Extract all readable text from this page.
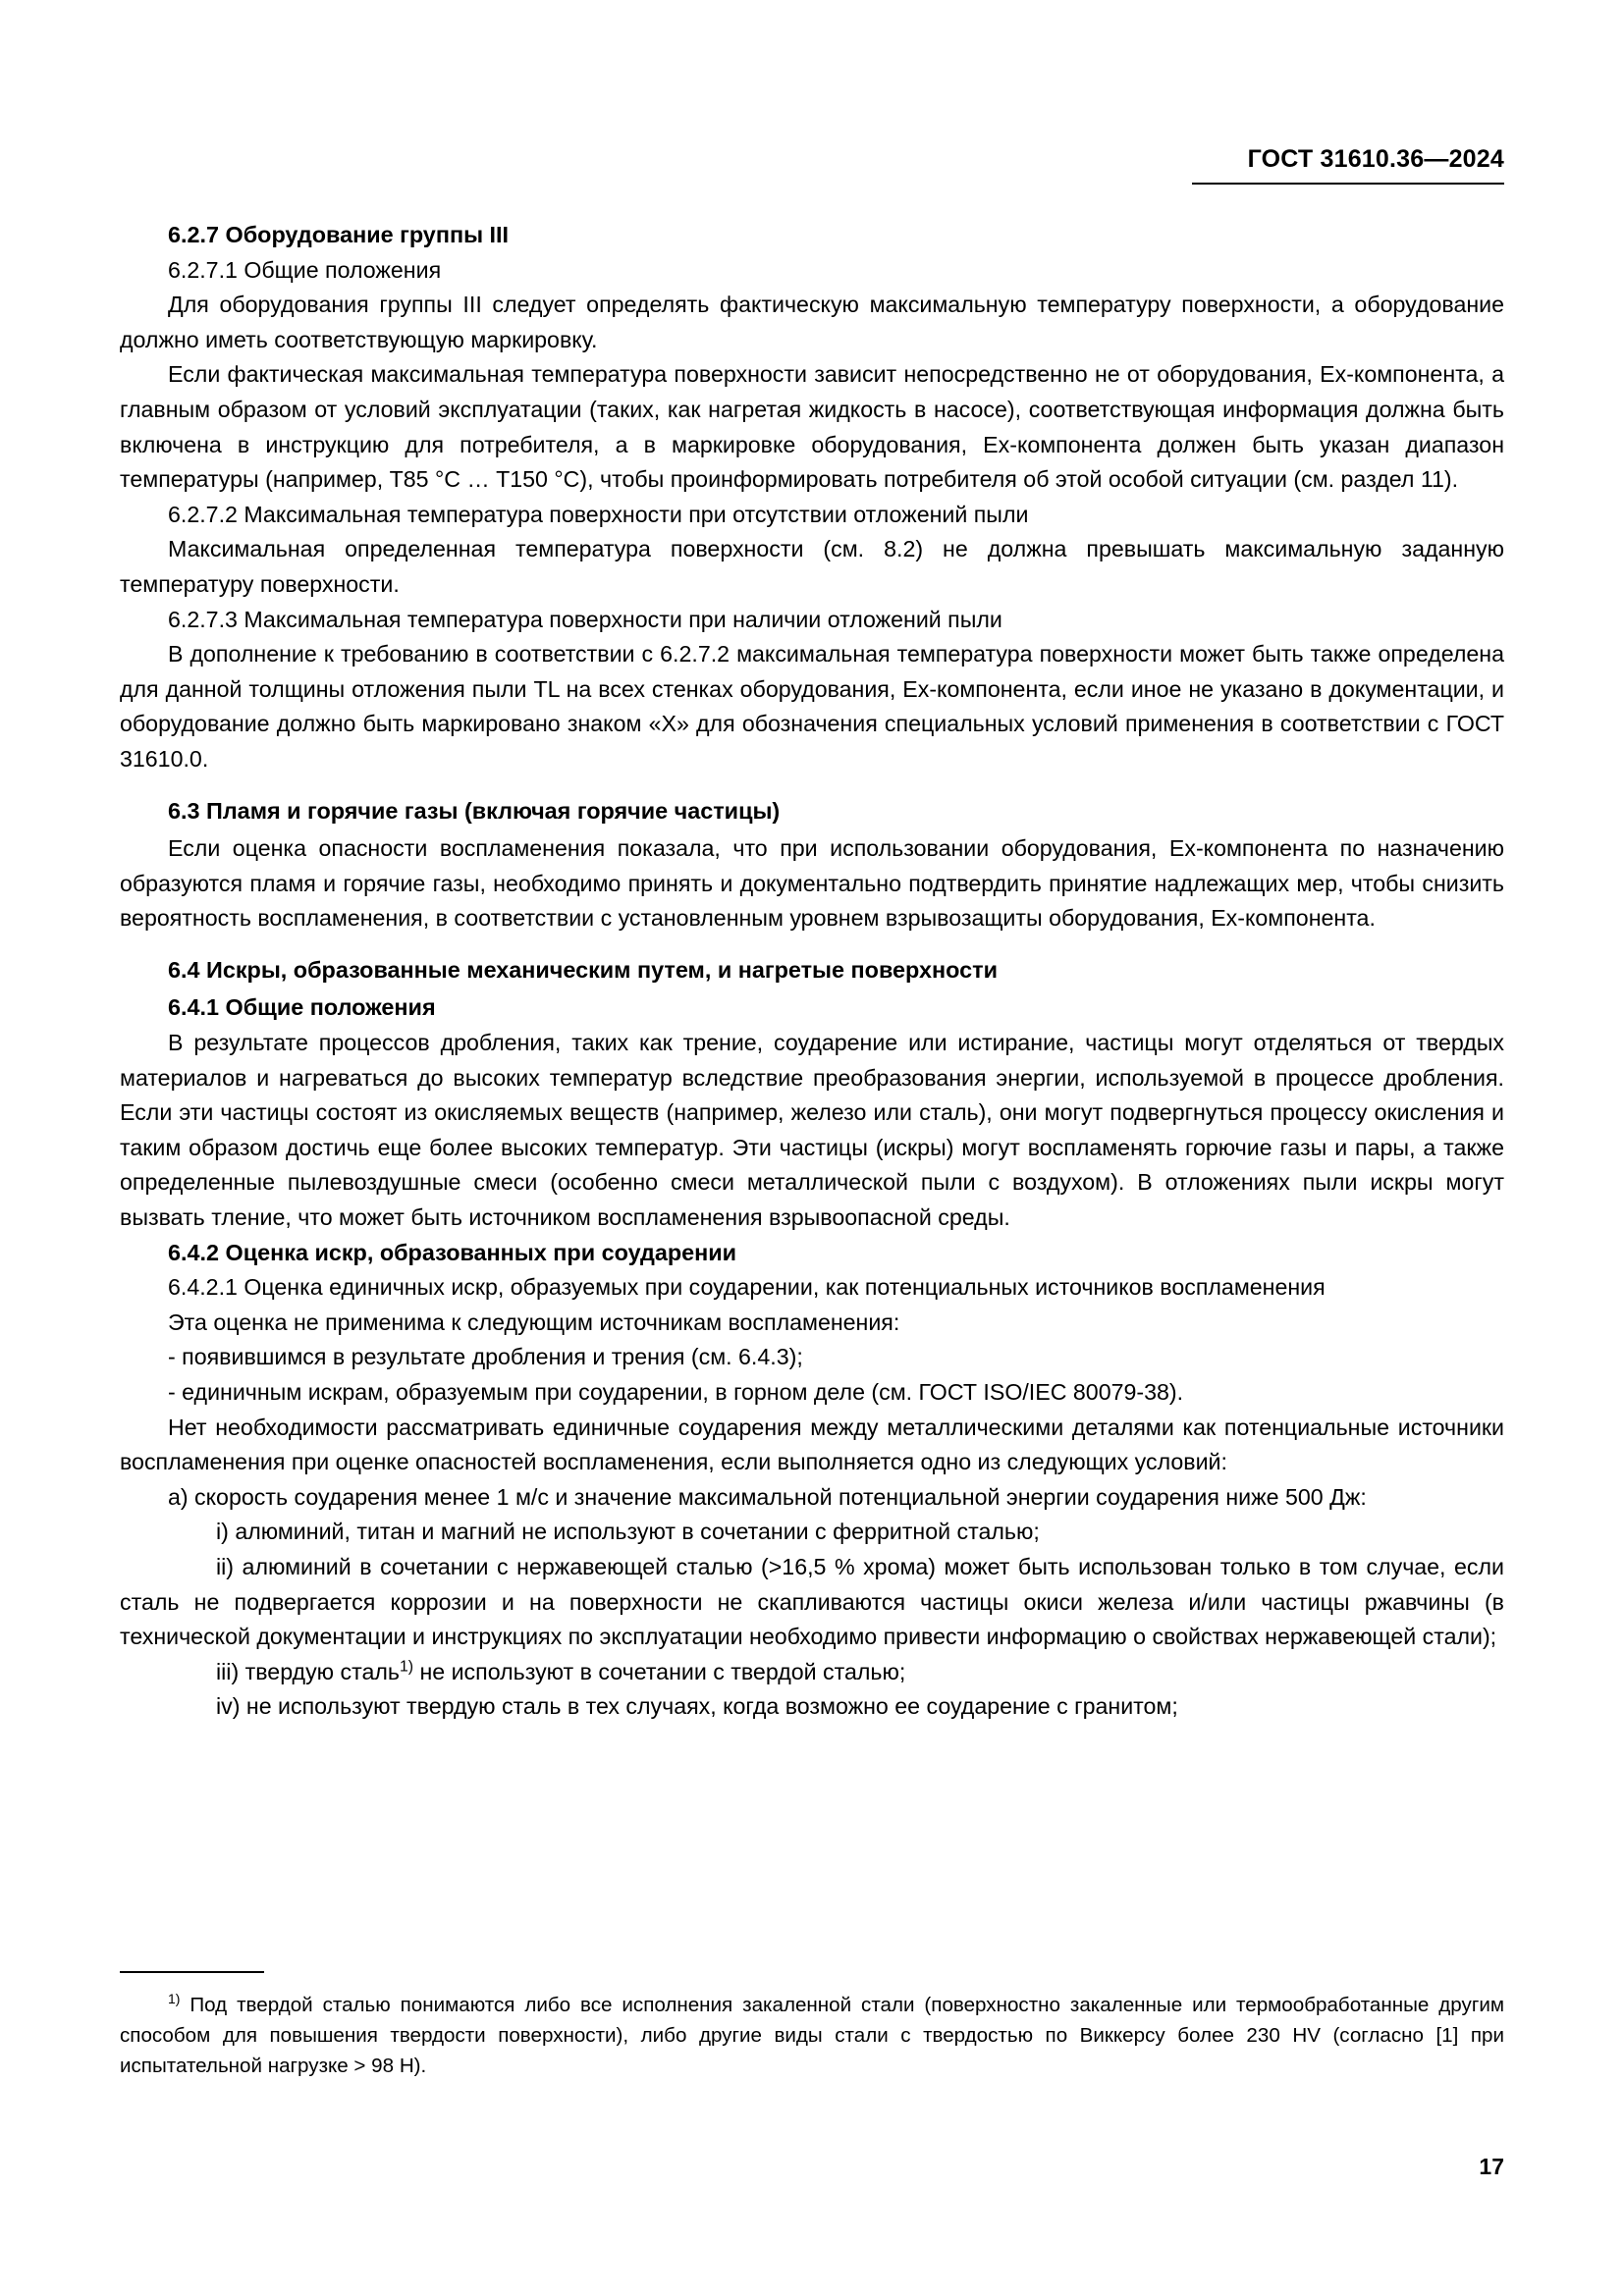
ГОСТ 31610.36—2024

6.2.7 Оборудование группы III

6.2.7.1 Общие положения

Для оборудования группы III следует определять фактическую максимальную температуру поверхности, а оборудование должно иметь соответствующую маркировку.

Если фактическая максимальная температура поверхности зависит непосредственно не от оборудования, Ex-компонента, а главным образом от условий эксплуатации (таких, как нагретая жидкость в насосе), соответствующая информация должна быть включена в инструкцию для потребителя, а в маркировке оборудования, Ex-компонента должен быть указан диапазон температуры (например, Т85 °С … Т150 °С), чтобы проинформировать потребителя об этой особой ситуации (см. раздел 11).

6.2.7.2 Максимальная температура поверхности при отсутствии отложений пыли

Максимальная определенная температура поверхности (см. 8.2) не должна превышать максимальную заданную температуру поверхности.

6.2.7.3 Максимальная температура поверхности при наличии отложений пыли

В дополнение к требованию в соответствии с 6.2.7.2 максимальная температура поверхности может быть также определена для данной толщины отложения пыли TL на всех стенках оборудования, Ex-компонента, если иное не указано в документации, и оборудование должно быть маркировано знаком «Х» для обозначения специальных условий применения в соответствии с ГОСТ 31610.0.

6.3 Пламя и горячие газы (включая горячие частицы)

Если оценка опасности воспламенения показала, что при использовании оборудования, Ex-компонента по назначению образуются пламя и горячие газы, необходимо принять и документально подтвердить принятие надлежащих мер, чтобы снизить вероятность воспламенения, в соответствии с установленным уровнем взрывозащиты оборудования, Ex-компонента.

6.4 Искры, образованные механическим путем, и нагретые поверхности

6.4.1 Общие положения

В результате процессов дробления, таких как трение, соударение или истирание, частицы могут отделяться от твердых материалов и нагреваться до высоких температур вследствие преобразования энергии, используемой в процессе дробления. Если эти частицы состоят из окисляемых веществ (например, железо или сталь), они могут подвергнуться процессу окисления и таким образом достичь еще более высоких температур. Эти частицы (искры) могут воспламенять горючие газы и пары, а также определенные пылевоздушные смеси (особенно смеси металлической пыли с воздухом). В отложениях пыли искры могут вызвать тление, что может быть источником воспламенения взрывоопасной среды.

6.4.2 Оценка искр, образованных при соударении

6.4.2.1 Оценка единичных искр, образуемых при соударении, как потенциальных источников воспламенения

Эта оценка не применима к следующим источникам воспламенения:

- появившимся в результате дробления и трения (см. 6.4.3);

- единичным искрам, образуемым при соударении, в горном деле (см. ГОСТ ISO/IEC 80079-38).

Нет необходимости рассматривать единичные соударения между металлическими деталями как потенциальные источники воспламенения при оценке опасностей воспламенения, если выполняется одно из следующих условий:

а) скорость соударения менее 1 м/с и значение максимальной потенциальной энергии соударения ниже 500 Дж:

i) алюминий, титан и магний не используют в сочетании с ферритной сталью;

ii) алюминий в сочетании с нержавеющей сталью (>16,5 % хрома) может быть использован только в том случае, если сталь не подвергается коррозии и на поверхности не скапливаются частицы окиси железа и/или частицы ржавчины (в технической документации и инструкциях по эксплуатации необходимо привести информацию о свойствах нержавеющей стали);

iii) твердую сталь$^{1)}$ не используют в сочетании с твердой сталью;

iv) не используют твердую сталь в тех случаях, когда возможно ее соударение с гранитом;

$^{1)}$ Под твердой сталью понимаются либо все исполнения закаленной стали (поверхностно закаленные или термообработанные другим способом для повышения твердости поверхности), либо другие виды стали с твердостью по Виккерсу более 230 HV (согласно [1] при испытательной нагрузке > 98 Н).

17
